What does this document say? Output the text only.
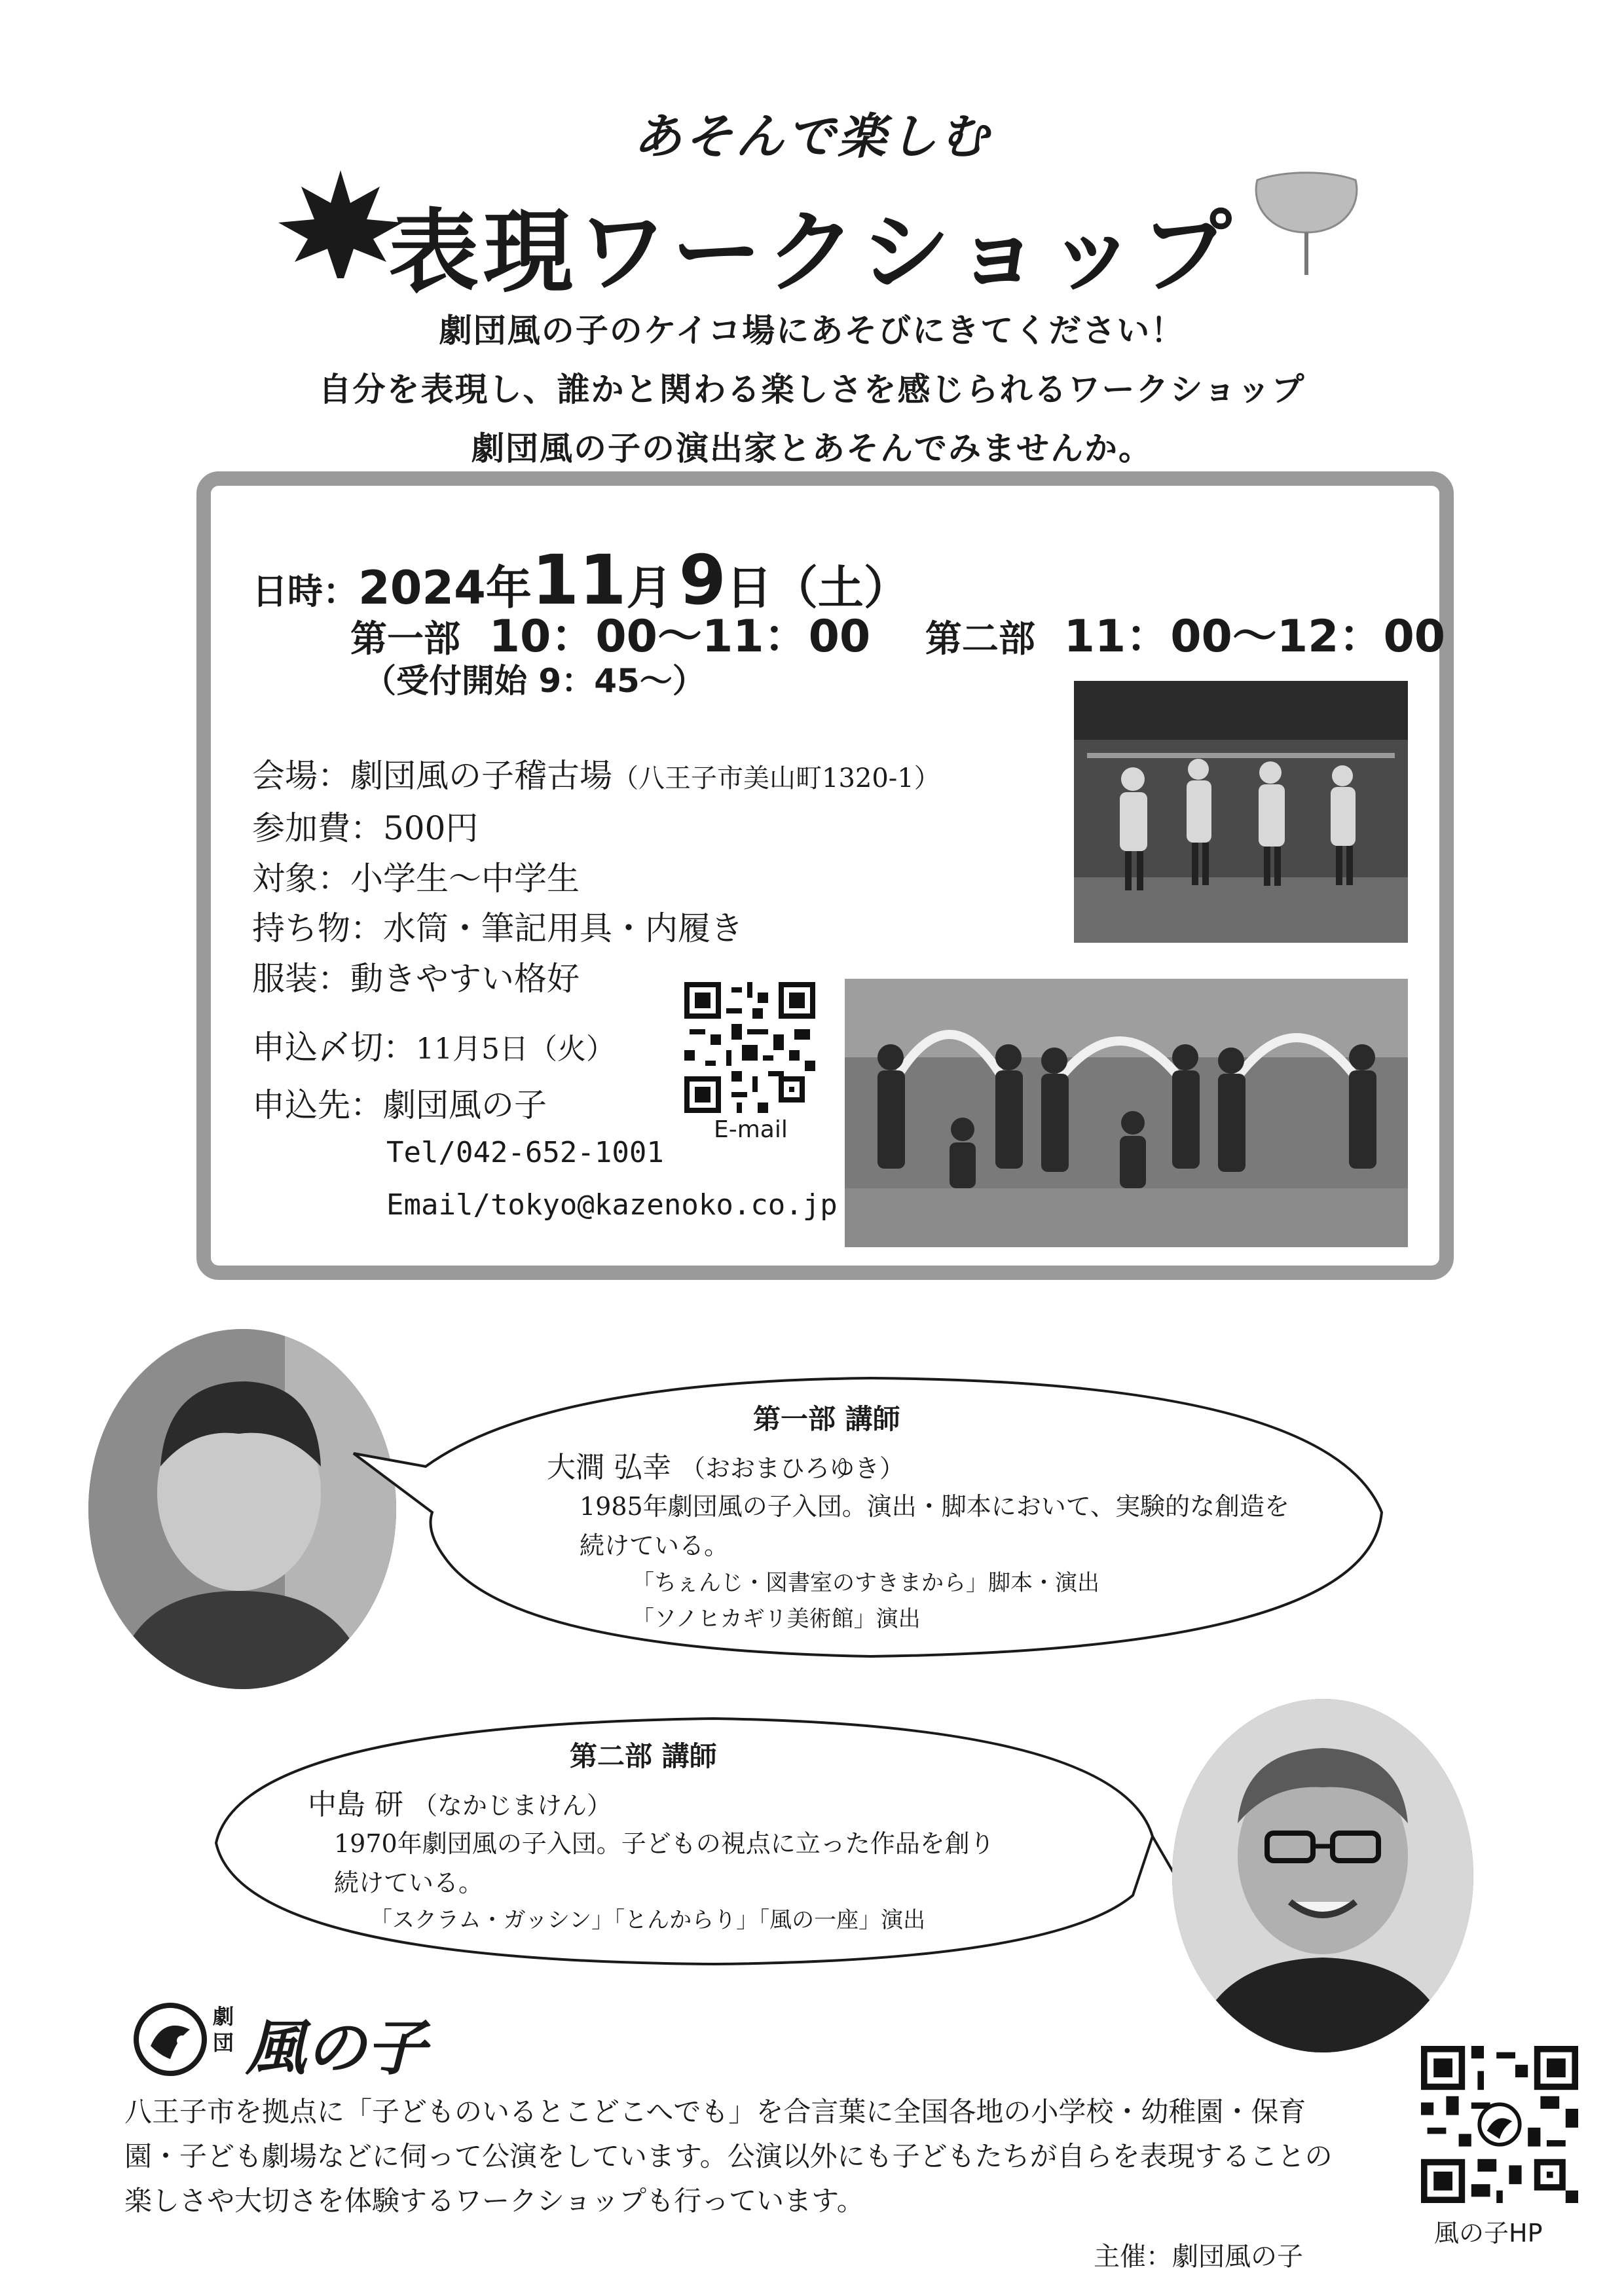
あそんで楽しむ
表現ワークショップ
劇団風の子のケイコ場にあそびにきてください！
自分を表現し、誰かと関わる楽しさを感じられるワークショップ
劇団風の子の演出家とあそんでみませんか。
日時：2024年11月9日（土）
第一部 10：00～11：00 第二部 11：00～12：00
（受付開始 9：45～）
会場：劇団風の子稽古場（八王子市美山町1320-1）
参加費：500円
対象：小学生～中学生
持ち物：水筒・筆記用具・内履き
服装：動きやすい格好
申込〆切：11月5日（火）
申込先：劇団風の子
Tel/042-652-1001
Email/tokyo@kazenoko.co.jp
E-mail
第一部 講師
大澗 弘幸 （おおまひろゆき）
1985年劇団風の子入団。演出・脚本において、実験的な創造を
続けている。
「ちぇんじ・図書室のすきまから」脚本・演出
「ソノヒカギリ美術館」演出
第二部 講師
中島 研 （なかじまけん）
1970年劇団風の子入団。子どもの視点に立った作品を創り
続けている。
「スクラム・ガッシン」「とんからり」「風の一座」演出
劇団 風の子
八王子市を拠点に「子どものいるとこどこへでも」を合言葉に全国各地の小学校・幼稚園・保育
園・子ども劇場などに伺って公演をしています。公演以外にも子どもたちが自らを表現することの
楽しさや大切さを体験するワークショップも行っています。
主催：劇団風の子
風の子HP
